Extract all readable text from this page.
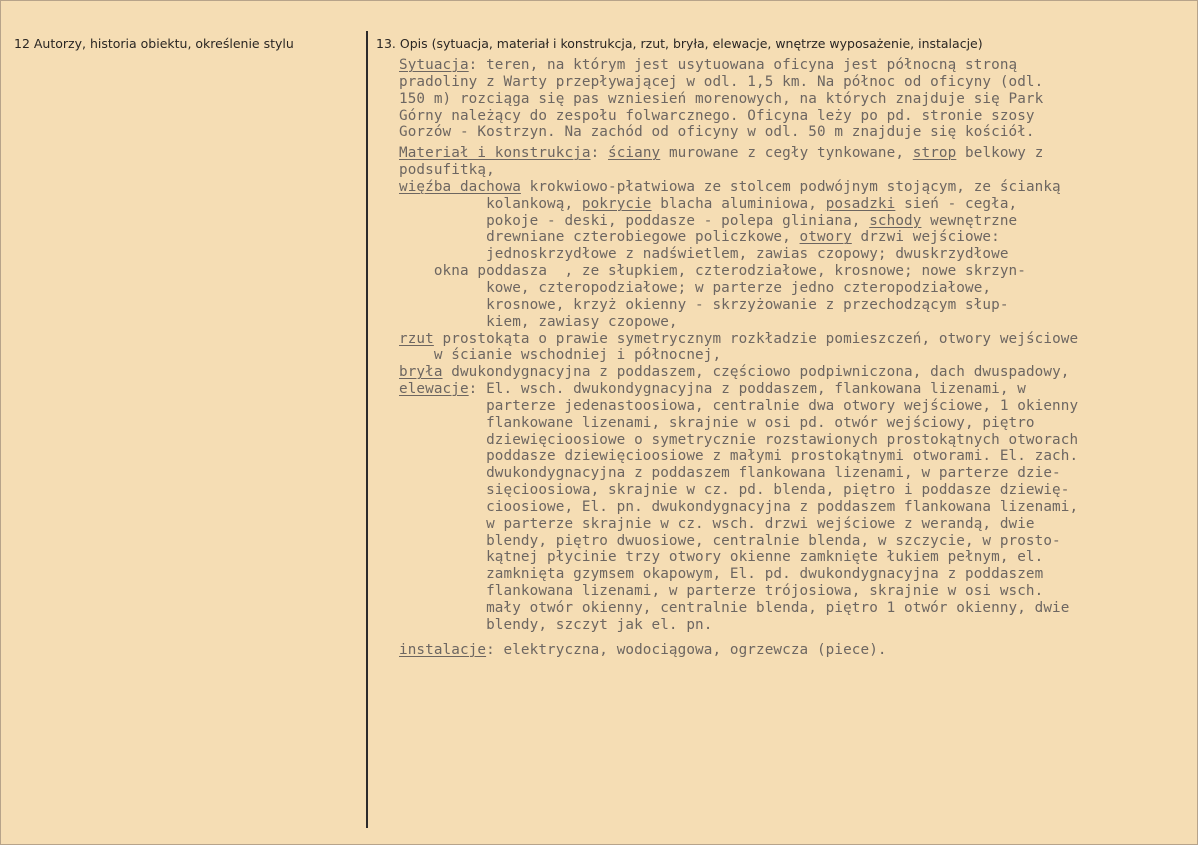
12 Autorzy, historia obiektu, określenie stylu	13. Opis (sytuacja, materiał i konstrukcja, rzut, bryła, elewacje, wnętrze wyposażenie, instalacje)
Sytuacja: teren, na którym jest usytuowana oficyna jest północną stroną
pradoliny z Warty przepływającej w odl. 1,5 km. Na północ od oficyny (odl.
150 m) rozciąga się pas wzniesień morenowych, na których znajduje się Park
Górny należący do zespołu folwarcznego. Oficyna leży po pd. stronie szosy
Gorzów - Kostrzyn. Na zachód od oficyny w odl. 50 m znajduje się kościół.
Materiał i konstrukcja: ściany murowane z cegły tynkowane, strop belkowy z
podsufitką,
więźba dachowa krokwiowo-płatwiowa ze stolcem podwójnym stojącym, ze ścianką
kolankową, pokrycie blacha aluminiowa, posadzki sień - cegła,
pokoje - deski, poddasze - polepa gliniana, schody wewnętrzne
drewniane czterobiegowe policzkowe, otwory drzwi wejściowe:
jednoskrzydłowe z nadświetlem, zawias czopowy; dwuskrzydłowe
okna poddasza  , ze słupkiem, czterodziałowe, krosnowe; nowe skrzyn-
kowe, czteropodziałowe; w parterze jedno czteropodziałowe,
krosnowe, krzyż okienny - skrzyżowanie z przechodzącym słup-
kiem, zawiasy czopowe,
rzut prostokąta o prawie symetrycznym rozkładzie pomieszczeń, otwory wejściowe
w ścianie wschodniej i północnej,
bryła dwukondygnacyjna z poddaszem, częściowo podpiwniczona, dach dwuspadowy,
elewacje: El. wsch. dwukondygnacyjna z poddaszem, flankowana lizenami, w
parterze jedenastoosiowa, centralnie dwa otwory wejściowe, 1 okienny
flankowane lizenami, skrajnie w osi pd. otwór wejściowy, piętro
dziewięcioosiowe o symetrycznie rozstawionych prostokątnych otworach
poddasze dziewięcioosiowe z małymi prostokątnymi otworami. El. zach.
dwukondygnacyjna z poddaszem flankowana lizenami, w parterze dzie-
sięcioosiowa, skrajnie w cz. pd. blenda, piętro i poddasze dziewię-
cioosiowe, El. pn. dwukondygnacyjna z poddaszem flankowana lizenami,
w parterze skrajnie w cz. wsch. drzwi wejściowe z werandą, dwie
blendy, piętro dwuosiowe, centralnie blenda, w szczycie, w prosto-
kątnej płycinie trzy otwory okienne zamknięte łukiem pełnym, el.
zamknięta gzymsem okapowym, El. pd. dwukondygnacyjna z poddaszem
flankowana lizenami, w parterze trójosiowa, skrajnie w osi wsch.
mały otwór okienny, centralnie blenda, piętro 1 otwór okienny, dwie
blendy, szczyt jak el. pn.
instalacje: elektryczna, wodociągowa, ogrzewcza (piece).
